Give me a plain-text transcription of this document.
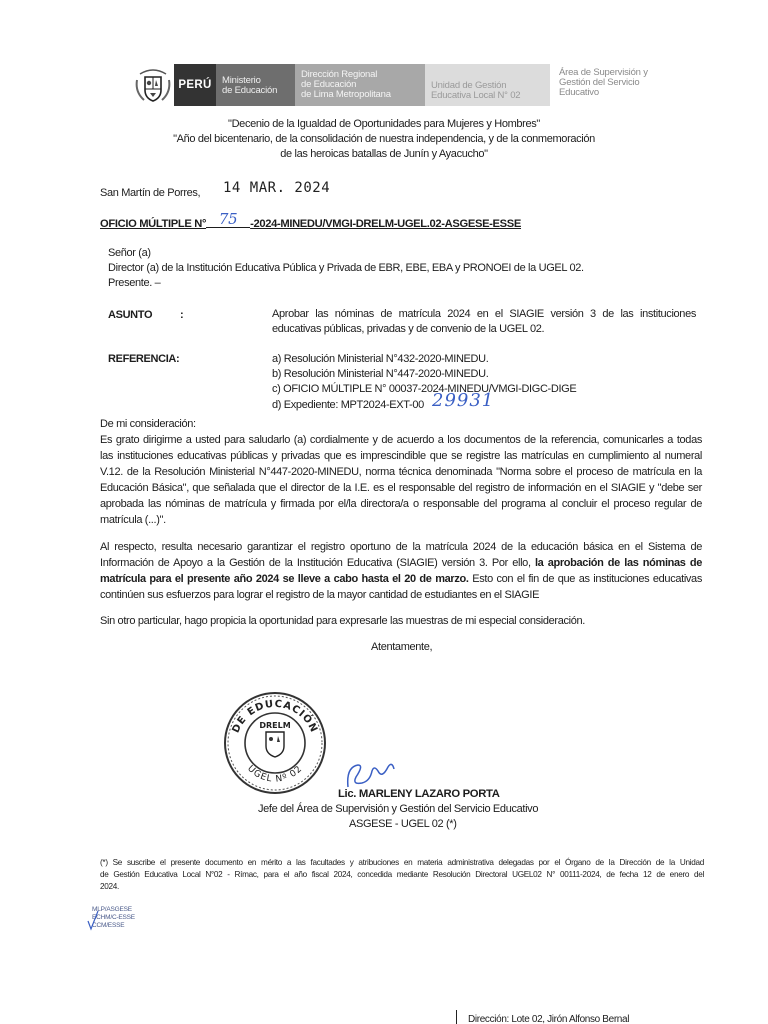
PERÚ	Ministerio
de Educación
Dirección Regional
de Educación
de Lima Metropolitana
Unidad de Gestión
Educativa Local N° 02
Área de Supervisión y
Gestión del Servicio
Educativo
"Decenio de la Igualdad de Oportunidades para Mujeres y Hombres"
"Año del bicentenario, de la consolidación de nuestra independencia, y de la conmemoración
de las heroicas batallas de Junín y Ayacucho"
San Martín de Porres, 14 MAR. 2024
OFICIO MÚLTIPLE N° 75 -2024-MINEDU/VMGI-DRELM-UGEL.02-ASGESE-ESSE
Señor (a)
Director (a) de la Institución Educativa Pública y Privada de EBR, EBE, EBA y PRONOEI de la UGEL 02.
Presente. –
ASUNTO	:	Aprobar las nóminas de matrícula 2024 en el SIAGIE versión 3 de las instituciones
educativas públicas, privadas y de convenio de la UGEL 02.
REFERENCIA:	a) Resolución Ministerial N°432-2020-MINEDU.
b) Resolución Ministerial N°447-2020-MINEDU.
c) OFICIO MÚLTIPLE N° 00037-2024-MINEDU/VMGI-DIGC-DIGE
d) Expediente: MPT2024-EXT-00 29931
De mi consideración:
Es grato dirigirme a usted para saludarlo (a) cordialmente y de acuerdo a los documentos de la referencia, comunicarles a todas
las instituciones educativas públicas y privadas que es imprescindible que se registre las matrículas en cumplimiento al numeral
V.12. de la Resolución Ministerial N°447-2020-MINEDU, norma técnica denominada "Norma sobre el proceso de matrícula en la
Educación Básica", que señalada que el director de la I.E. es el responsable del registro de información en el SIAGIE y "debe ser
aprobada las nóminas de matrícula y firmada por el/la directora/a o responsable del programa al concluir el proceso regular de
matrícula (...)".
Al respecto, resulta necesario garantizar el registro oportuno de la matrícula 2024 de la educación básica en el Sistema de
Información de Apoyo a la Gestión de la Institución Educativa (SIAGIE) versión 3. Por ello, la aprobación de las nóminas de
matrícula para el presente año 2024 se lleve a cabo hasta el 20 de marzo. Esto con el fin de que as instituciones educativas
continúen sus esfuerzos para lograr el registro de la mayor cantidad de estudiantes en el SIAGIE
Sin otro particular, hago propicia la oportunidad para expresarle las muestras de mi especial consideración.
Atentamente,
DE EDUCACIÓN
DRELM
UGEL Nº 02
Lic. MARLENY LAZARO PORTA
Jefe del Área de Supervisión y Gestión del Servicio Educativo
ASGESE - UGEL 02 (*)
(*) Se suscribe el presente documento en mérito a las facultades y atribuciones en materia administrativa delegadas por el Órgano de la Dirección de la Unidad
de Gestión Educativa Local N°02 - Rímac, para el año fiscal 2024, concedida mediante Resolución Directoral UGEL02 N° 00111-2024, de fecha 12 de enero del
2024.
MLP/ASGESE
ECHM/C-ESSE
CCM/ESSE
Dirección: Lote 02, Jirón Alfonso Bernal
